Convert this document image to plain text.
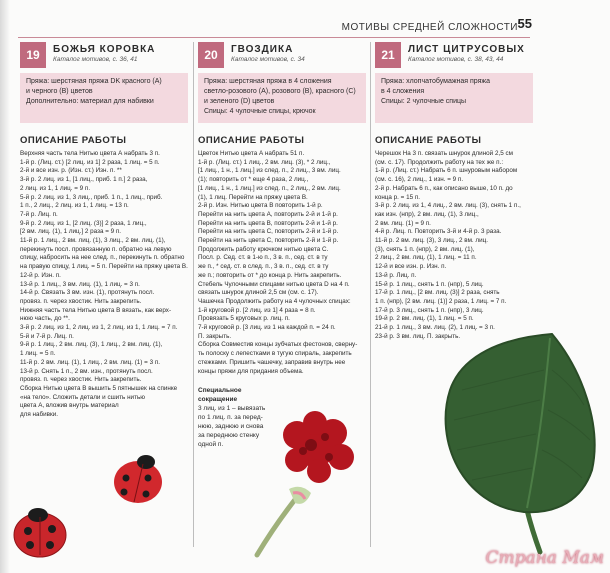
МОТИВЫ СРЕДНЕЙ СЛОЖНОСТИ 55
19	БОЖЬЯ КОРОВКА
Каталог мотивов, с. 36, 41
Пряжа: шерстяная пряжа DK красного (А)
и черного (В) цветов
Дополнительно: материал для набивки
ОПИСАНИЕ РАБОТЫ

Верхняя часть тела Нитью цвета А набрать 3 п.

1-й р. (Лиц. ст.) [2 лиц. из 1] 2 раза, 1 лиц. = 5 п.

2-й и все изн. р. (Изн. ст.) Изн. п. **

3-й р. 2 лиц. из 1, [1 лиц., приб. 1 п.] 2 раза,

2 лиц. из 1, 1 лиц. = 9 п.

5-й р. 2 лиц. из 1, 3 лиц., приб. 1 п., 1 лиц., приб.

1 п., 2 лиц., 2 лиц. из 1, 1 лиц. = 13 п.

7-й р. Лиц. п.

9-й р. 2 лиц. из 1, [2 лиц. (3)] 2 раза, 1 лиц.,

[2 вм. лиц. (1), 1 лиц.] 2 раза = 9 п.

11-й р. 1 лиц., 2 вм. лиц. (1), 3 лиц., 2 вм. лиц. (1),

перекинуть посл. провязанную п. обратно на левую

спицу, набросить на нее след. п., перекинуть п. обратно

на правую спицу, 1 лиц. = 5 п. Перейти на пряжу цвета В.

12-й р. Изн. п.

13-й р. 1 лиц., 3 вм. лиц. (1), 1 лиц. = 3 п.

14-й р. Связать 3 вм. изн. (1), протянуть посл.

провяз. п. через хвостик. Нить закрепить.

Нижняя часть тела Нитью цвета В вязать, как верх-

нюю часть, до **.

3-й р. 2 лиц. из 1, 2 лиц. из 1, 2 лиц. из 1, 1 лиц. = 7 п.

5-й и 7-й р. Лиц. п.

9-й р. 1 лиц., 2 вм. лиц. (3), 1 лиц., 2 вм. лиц. (1),

1 лиц. = 5 п.

11-й р. 2 вм. лиц. (1), 1 лиц., 2 вм. лиц. (1) = 3 п.

13-й р. Снять 1 п., 2 вм. изн., протянуть посл.

провяз. п. через хвостик. Нить закрепить.

Сборка Нитью цвета В вышить 5 пятнышек на спинке

«на тело». Сложить детали и сшить нитью

цвета А, вложив внутрь материал

для набивки.

20	ГВОЗДИКА
Каталог мотивов, с. 34
Пряжа: шерстяная пряжа в 4 сложения
светло-розового (А), розового (В), красного (С)
и зеленого (D) цветов
Спицы: 4 чулочные спицы, крючок
ОПИСАНИЕ РАБОТЫ

Цветок Нитью цвета А набрать 51 п.

1-й р. (Лиц. ст.) 1 лиц., 2 вм. лиц. (3), * 2 лиц.,

[1 лиц., 1 н., 1 лиц.] из след. п., 2 лиц., 3 вм. лиц.

(1); повторить от * еще 4 раза, 2 лиц.,

[1 лиц., 1 н., 1 лиц.] из след. п., 2 лиц., 2 вм. лиц.

(1), 1 лиц. Перейти на пряжу цвета В.

2-й р. Изн. Нитью цвета В повторить 1-й р.

Перейти на нить цвета А, повторить 2-й и 1-й р.

Перейти на нить цвета В, повторить 2-й и 1-й р.

Перейти на нить цвета С, повторить 2-й и 1-й р.

Перейти на нить цвета С, повторить 2-й и 1-й р.

Продолжить работу крючком нитью цвета С.

Посл. р. Сед. ст. в 1-ю п., 3 в. п., сед. ст. в ту

же п., * сед. ст. в след. п., 3 в. п., сед. ст. в ту

же п.; повторить от * до конца р. Нить закрепить.

Стебель Чулочными спицами нитью цвета D на 4 п.

связать шнурок длиной 2,5 см (см. с. 17).

Чашечка Продолжить работу на 4 чулочных спицах:

1-й круговой р. [2 лиц. из 1] 4 раза = 8 п.

Провязать 5 круговых р. лиц. п.

7-й круговой р. [3 лиц. из 1 на каждой п. = 24 п.

П. закрыть.

Сборка Совместив концы зубчатых фестонов, сверну-

ть полоску с лепестками в тугую спираль, закрепить

стежками. Пришить чашечку, заправив внутрь нее

концы пряжи для придания объема.

Специальное сокращение
3 лиц. из 1 – вывязать
по 1 лиц. п. за перед-
нюю, заднюю и снова
за переднюю стенку
одной п.
21	ЛИСТ ЦИТРУСОВЫХ
Каталог мотивов, с. 38, 43, 44
Пряжа: хлопчатобумажная пряжа
в 4 сложения
Спицы: 2 чулочные спицы
ОПИСАНИЕ РАБОТЫ

Черешок На 3 п. связать шнурок длиной 2,5 см

(см. с. 17). Продолжить работу на тех же п.:

1-й р. (Лиц. ст.) Набрать 6 п. шнуровым набором

(см. с. 16), 2 лиц., 1 изн. = 9 п.

2-й р. Набрать 6 п., как описано выше, 10 п. до

конца р. = 15 п.

3-й р. 2 лиц. из 1, 4 лиц., 2 вм. лиц. (3), снять 1 п.,

как изн. (нпр), 2 вм. лиц. (1), 3 лиц.,

2 вм. лиц. (1) = 9 п.

4-й р. Лиц. п. Повторить 3-й и 4-й р. 3 раза.

11-й р. 2 вм. лиц. (3), 3 лиц., 2 вм. лиц.

(3), снять 1 п. (нпр), 2 вм. лиц. (1),

2 лиц., 2 вм. лиц. (1), 1 лиц. = 11 п.

12-й и все изн. р. Изн. п.

13-й р. Лиц. п.

15-й р. 1 лиц., снять 1 п. (нпр), 5 лиц.

17-й р. 1 лиц., [2 вм. лиц. (3)] 2 раза, снять

1 п. (нпр), [2 вм. лиц. (1)] 2 раза, 1 лиц. = 7 п.

17-й р. 3 лиц., снять 1 п. (нпр), 3 лиц.

19-й р. 2 вм. лиц. (1), 1 лиц. = 5 п.

21-й р. 1 лиц., 3 вм. лиц. (2), 1 лиц. = 3 п.

23-й р. 3 вм. лиц. П. закрыть.

Страна Мам
